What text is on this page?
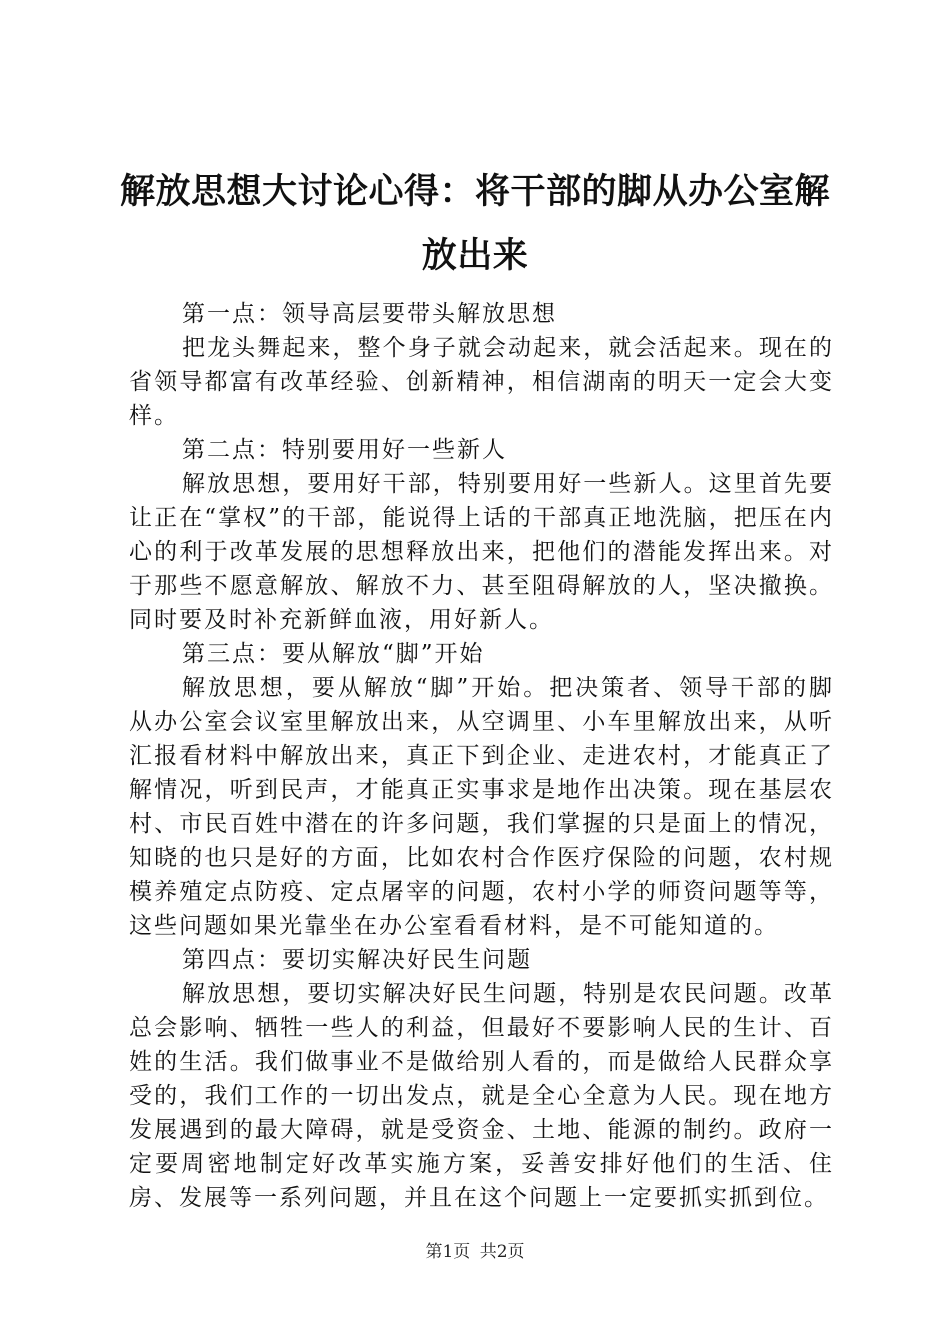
解放思想大讨论心得：将干部的脚从办公室解放出来

第一点：领导高层要带头解放思想

把龙头舞起来，整个身子就会动起来，就会活起来。现在的省领导都富有改革经验、创新精神，相信湖南的明天一定会大变样。

第二点：特别要用好一些新人

解放思想，要用好干部，特别要用好一些新人。这里首先要让正在“掌权”的干部，能说得上话的干部真正地洗脑，把压在内心的利于改革发展的思想释放出来，把他们的潜能发挥出来。对于那些不愿意解放、解放不力、甚至阻碍解放的人，坚决撤换。同时要及时补充新鲜血液，用好新人。

第三点：要从解放“脚”开始

解放思想，要从解放“脚”开始。把决策者、领导干部的脚从办公室会议室里解放出来，从空调里、小车里解放出来，从听汇报看材料中解放出来，真正下到企业、走进农村，才能真正了解情况，听到民声，才能真正实事求是地作出决策。现在基层农村、市民百姓中潜在的许多问题，我们掌握的只是面上的情况，知晓的也只是好的方面，比如农村合作医疗保险的问题，农村规模养殖定点防疫、定点屠宰的问题，农村小学的师资问题等等，这些问题如果光靠坐在办公室看看材料，是不可能知道的。

第四点：要切实解决好民生问题

解放思想，要切实解决好民生问题，特别是农民问题。改革总会影响、牺牲一些人的利益，但最好不要影响人民的生计、百姓的生活。我们做事业不是做给别人看的，而是做给人民群众享受的，我们工作的一切出发点，就是全心全意为人民。现在地方发展遇到的最大障碍，就是受资金、土地、能源的制约。政府一定要周密地制定好改革实施方案，妥善安排好他们的生活、住房、发展等一系列问题，并且在这个问题上一定要抓实抓到位。

第1页 共2页
